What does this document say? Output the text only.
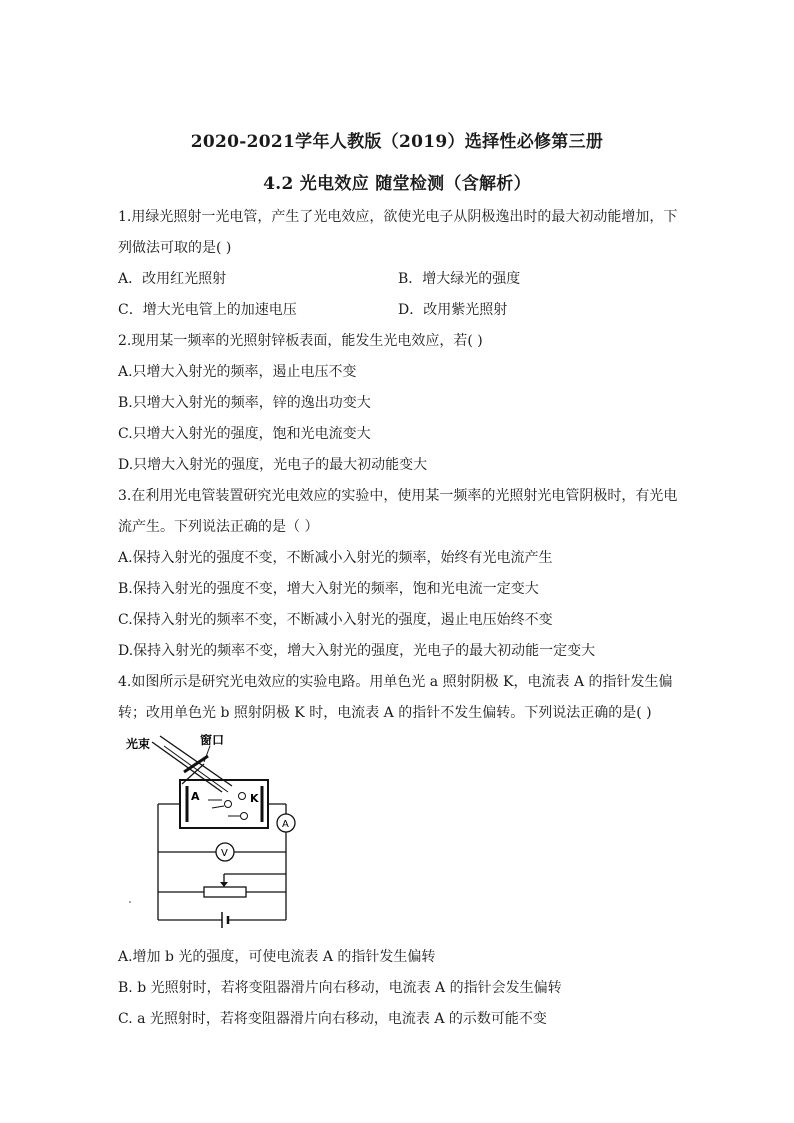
2020-2021学年人教版（2019）选择性必修第三册
4.2 光电效应 随堂检测（含解析）
1.用绿光照射一光电管，产生了光电效应，欲使光电子从阴极逸出时的最大初动能增加，下
列做法可取的是( )
A．改用红光照射	B．增大绿光的强度
C．增大光电管上的加速电压	D．改用紫光照射
2.现用某一频率的光照射锌板表面，能发生光电效应，若( )
A.只增大入射光的频率，遏止电压不变
B.只增大入射光的频率，锌的逸出功变大
C.只增大入射光的强度，饱和光电流变大
D.只增大入射光的强度，光电子的最大初动能变大
3.在利用光电管装置研究光电效应的实验中，使用某一频率的光照射光电管阴极时，有光电
流产生。下列说法正确的是（ ）
A.保持入射光的强度不变，不断减小入射光的频率，始终有光电流产生
B.保持入射光的强度不变，增大入射光的频率，饱和光电流一定变大
C.保持入射光的频率不变，不断减小入射光的强度，遏止电压始终不变
D.保持入射光的频率不变，增大入射光的强度，光电子的最大初动能一定变大
4.如图所示是研究光电效应的实验电路。用单色光 a 照射阴极 K，电流表 A 的指针发生偏
转；改用单色光 b 照射阴极 K 时，电流表 A 的指针不发生偏转。下列说法正确的是( )
光束	窗口
A	K
A
V
A.增加 b 光的强度，可使电流表 A 的指针发生偏转
B. b 光照射时，若将变阻器滑片向右移动，电流表 A 的指针会发生偏转
C. a 光照射时，若将变阻器滑片向右移动，电流表 A 的示数可能不变
